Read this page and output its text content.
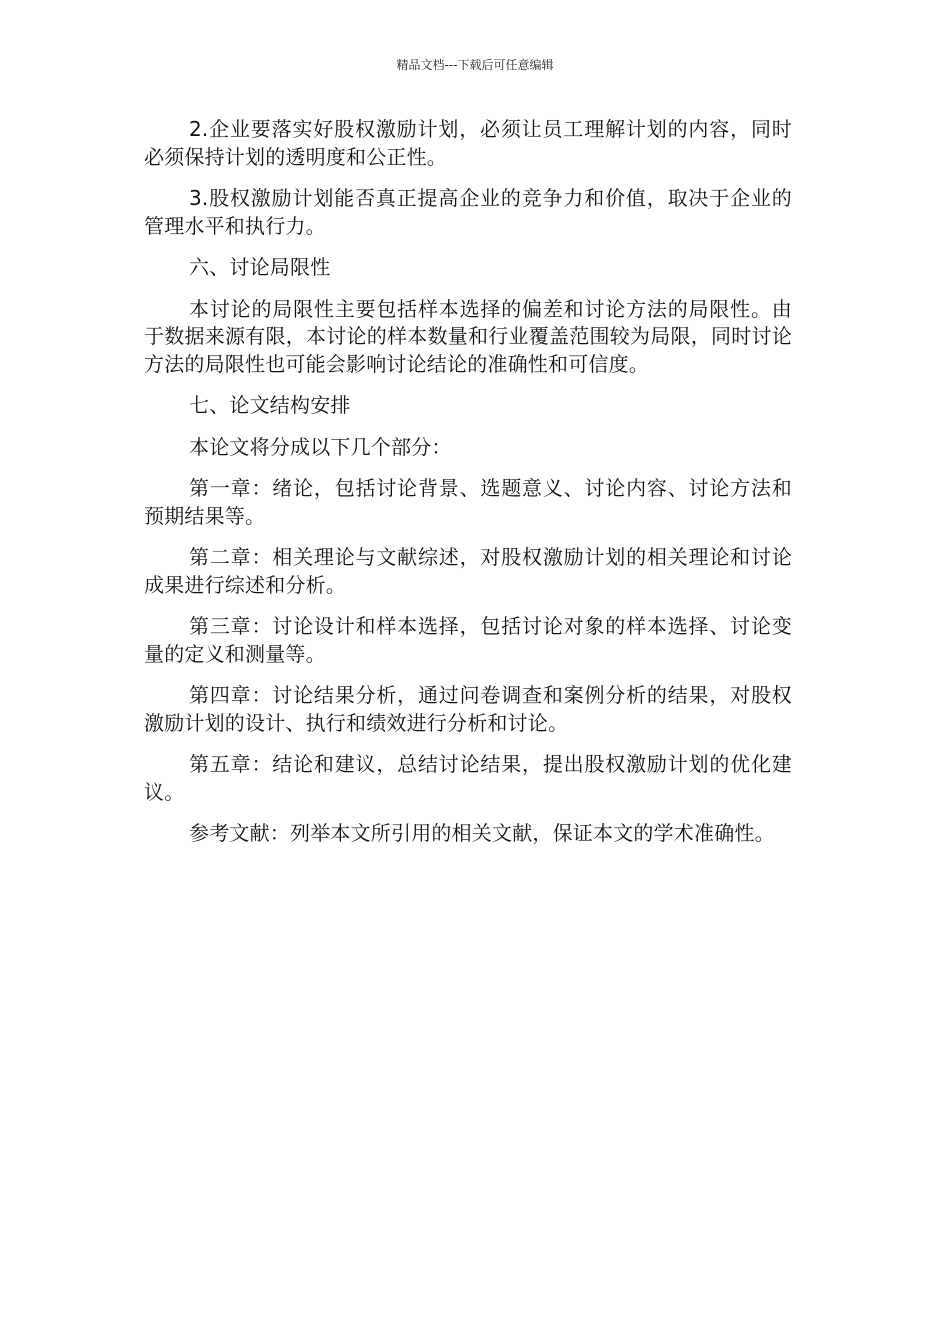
精品文档---下载后可任意编辑

2.企业要落实好股权激励计划，必须让员工理解计划的内容，同时必须保持计划的透明度和公正性。

3.股权激励计划能否真正提高企业的竞争力和价值，取决于企业的管理水平和执行力。

六、讨论局限性

本讨论的局限性主要包括样本选择的偏差和讨论方法的局限性。由于数据来源有限，本讨论的样本数量和行业覆盖范围较为局限，同时讨论方法的局限性也可能会影响讨论结论的准确性和可信度。

七、论文结构安排

本论文将分成以下几个部分：

第一章：绪论，包括讨论背景、选题意义、讨论内容、讨论方法和预期结果等。

第二章：相关理论与文献综述，对股权激励计划的相关理论和讨论成果进行综述和分析。

第三章：讨论设计和样本选择，包括讨论对象的样本选择、讨论变量的定义和测量等。

第四章：讨论结果分析，通过问卷调查和案例分析的结果，对股权激励计划的设计、执行和绩效进行分析和讨论。

第五章：结论和建议，总结讨论结果，提出股权激励计划的优化建议。

参考文献：列举本文所引用的相关文献，保证本文的学术准确性。
